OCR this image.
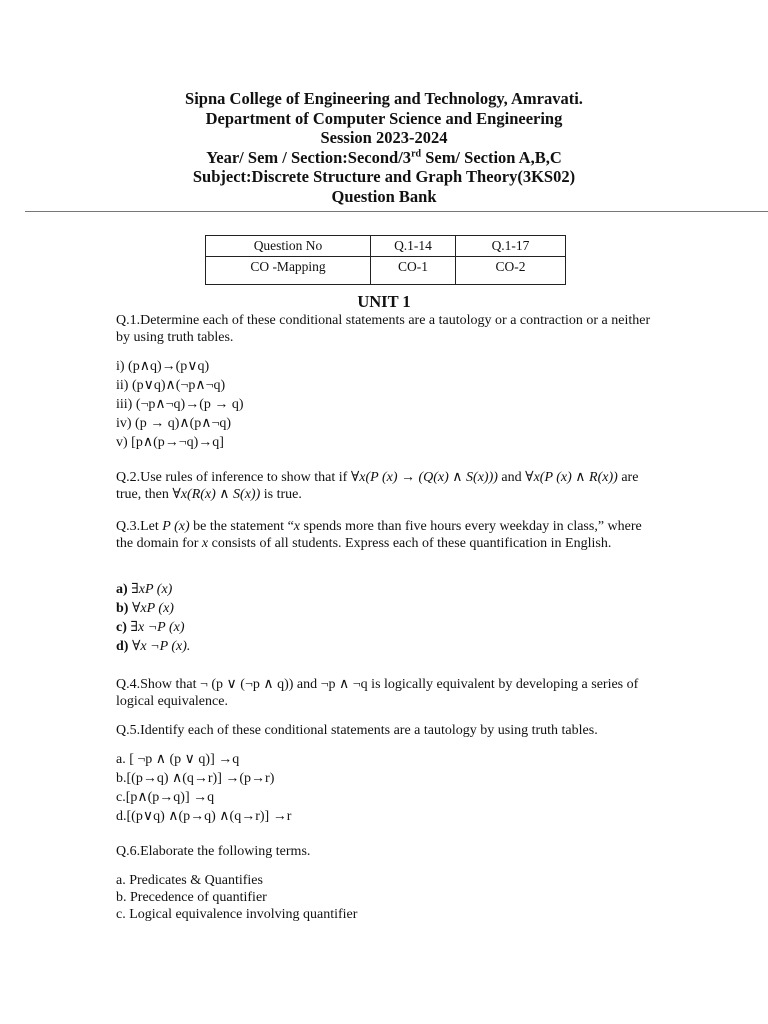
Sipna College of Engineering and Technology, Amravati.
Department of Computer Science and Engineering
Session 2023-2024
Year/ Sem / Section:Second/3rd Sem/ Section A,B,C
Subject:Discrete Structure and Graph Theory(3KS02)
Question Bank
Question No	Q.1-14	Q.1-17
CO -Mapping	CO-1	CO-2
UNIT 1
Q.1.Determine each of these conditional statements are a tautology or a contraction or a neither by using truth tables.
i) (p∧q)→(p∨q)
ii) (p∨q)∧(¬p∧¬q)
iii) (¬p∧¬q)→(p → q)
iv) (p → q)∧(p∧¬q)
v) [p∧(p→¬q)→q]
Q.2.Use rules of inference to show that if ∀x(P (x) → (Q(x) ∧ S(x))) and ∀x(P (x) ∧ R(x)) are true, then ∀x(R(x) ∧ S(x)) is true.
Q.3.Let P (x) be the statement “x spends more than five hours every weekday in class,” where the domain for x consists of all students. Express each of these quantification in English.
a) ∃xP (x)
b) ∀xP (x)
c) ∃x ¬P (x)
d) ∀x ¬P (x).
Q.4.Show that ¬ (p ∨ (¬p ∧ q)) and ¬p ∧ ¬q is logically equivalent by developing a series of logical equivalence.
Q.5.Identify each of these conditional statements are a tautology by using truth tables.
a. [ ¬p ∧ (p ∨ q)] →q
b.[(p→q) ∧(q→r)] →(p→r)
c.[p∧(p→q)] →q
d.[(p∨q) ∧(p→q) ∧(q→r)] →r
Q.6.Elaborate the following terms.
a. Predicates & Quantifies
b. Precedence of quantifier
c. Logical equivalence involving quantifier
